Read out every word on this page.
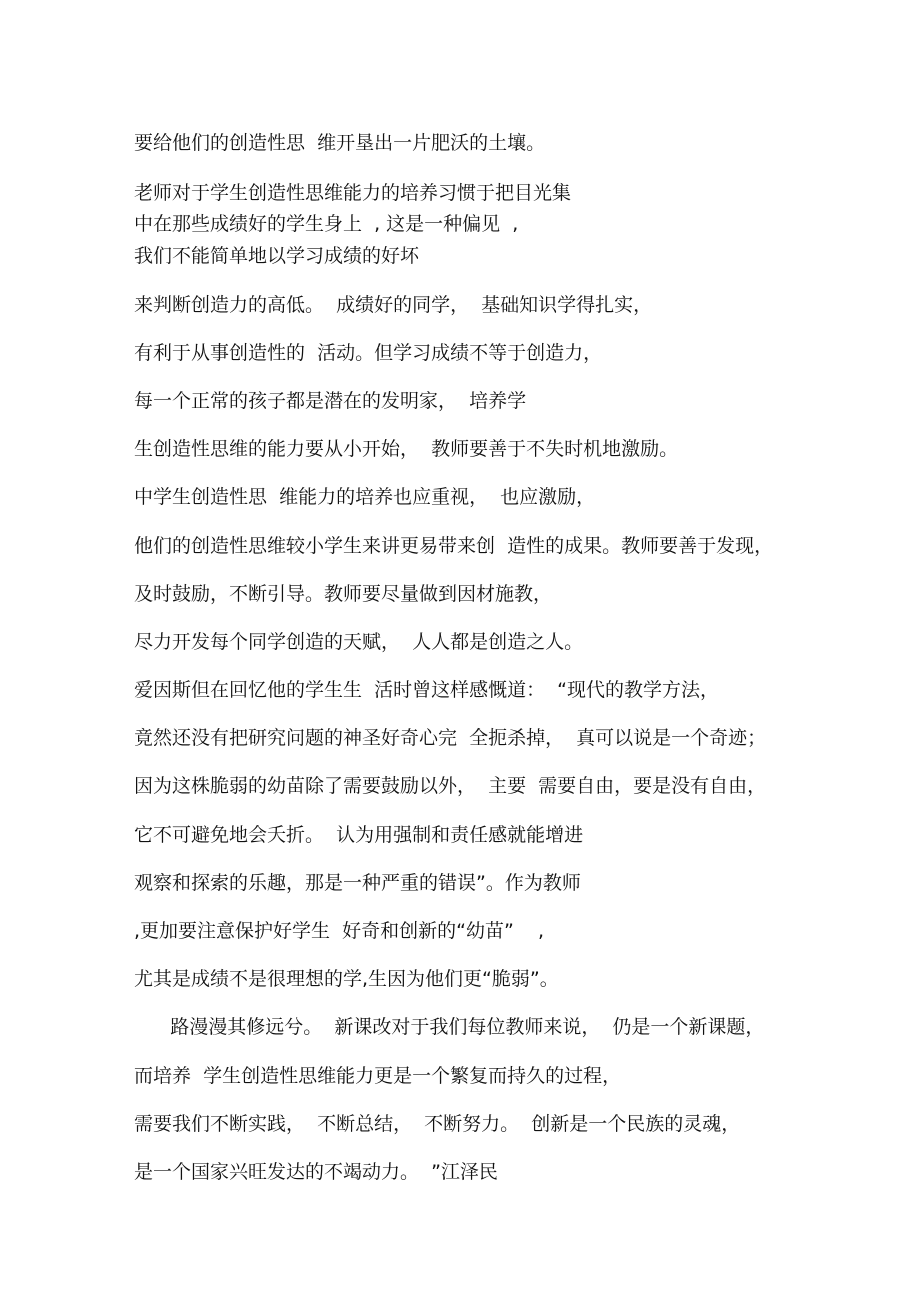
要给他们的创造性思  维开垦出一片肥沃的土壤。

老师对于学生创造性思维能力的培养习惯于把目光集

中在那些成绩好的学生身上  , 这是一种偏见  ,

我们不能简单地以学习成绩的好坏

来判断创造力的高低。  成绩好的同学，  基础知识学得扎实，

有利于从事创造性的  活动。但学习成绩不等于创造力，

每一个正常的孩子都是潜在的发明家，  培养学

生创造性思维的能力要从小开始，  教师要善于不失时机地激励。

中学生创造性思  维能力的培养也应重视，  也应激励，

他们的创造性思维较小学生来讲更易带来创  造性的成果。教师要善于发现，

及时鼓励，不断引导。教师要尽量做到因材施教，

尽力开发每个同学创造的天赋，  人人都是创造之人。

爱因斯但在回忆他的学生生  活时曾这样感慨道：  “现代的教学方法，

竟然还没有把研究问题的神圣好奇心完  全扼杀掉，  真可以说是一个奇迹；

因为这株脆弱的幼苗除了需要鼓励以外，  主要  需要自由，要是没有自由，

它不可避免地会夭折。  认为用强制和责任感就能增进

观察和探索的乐趣，那是一种严重的错误”。作为教师

,更加要注意保护好学生  好奇和创新的“幼苗”    ,

尤其是成绩不是很理想的学,生因为他们更“脆弱”。

路漫漫其修远兮。  新课改对于我们每位教师来说，  仍是一个新课题，

而培养  学生创造性思维能力更是一个繁复而持久的过程，

需要我们不断实践，  不断总结，  不断努力。  创新是一个民族的灵魂，

是一个国家兴旺发达的不竭动力。  ”江泽民
